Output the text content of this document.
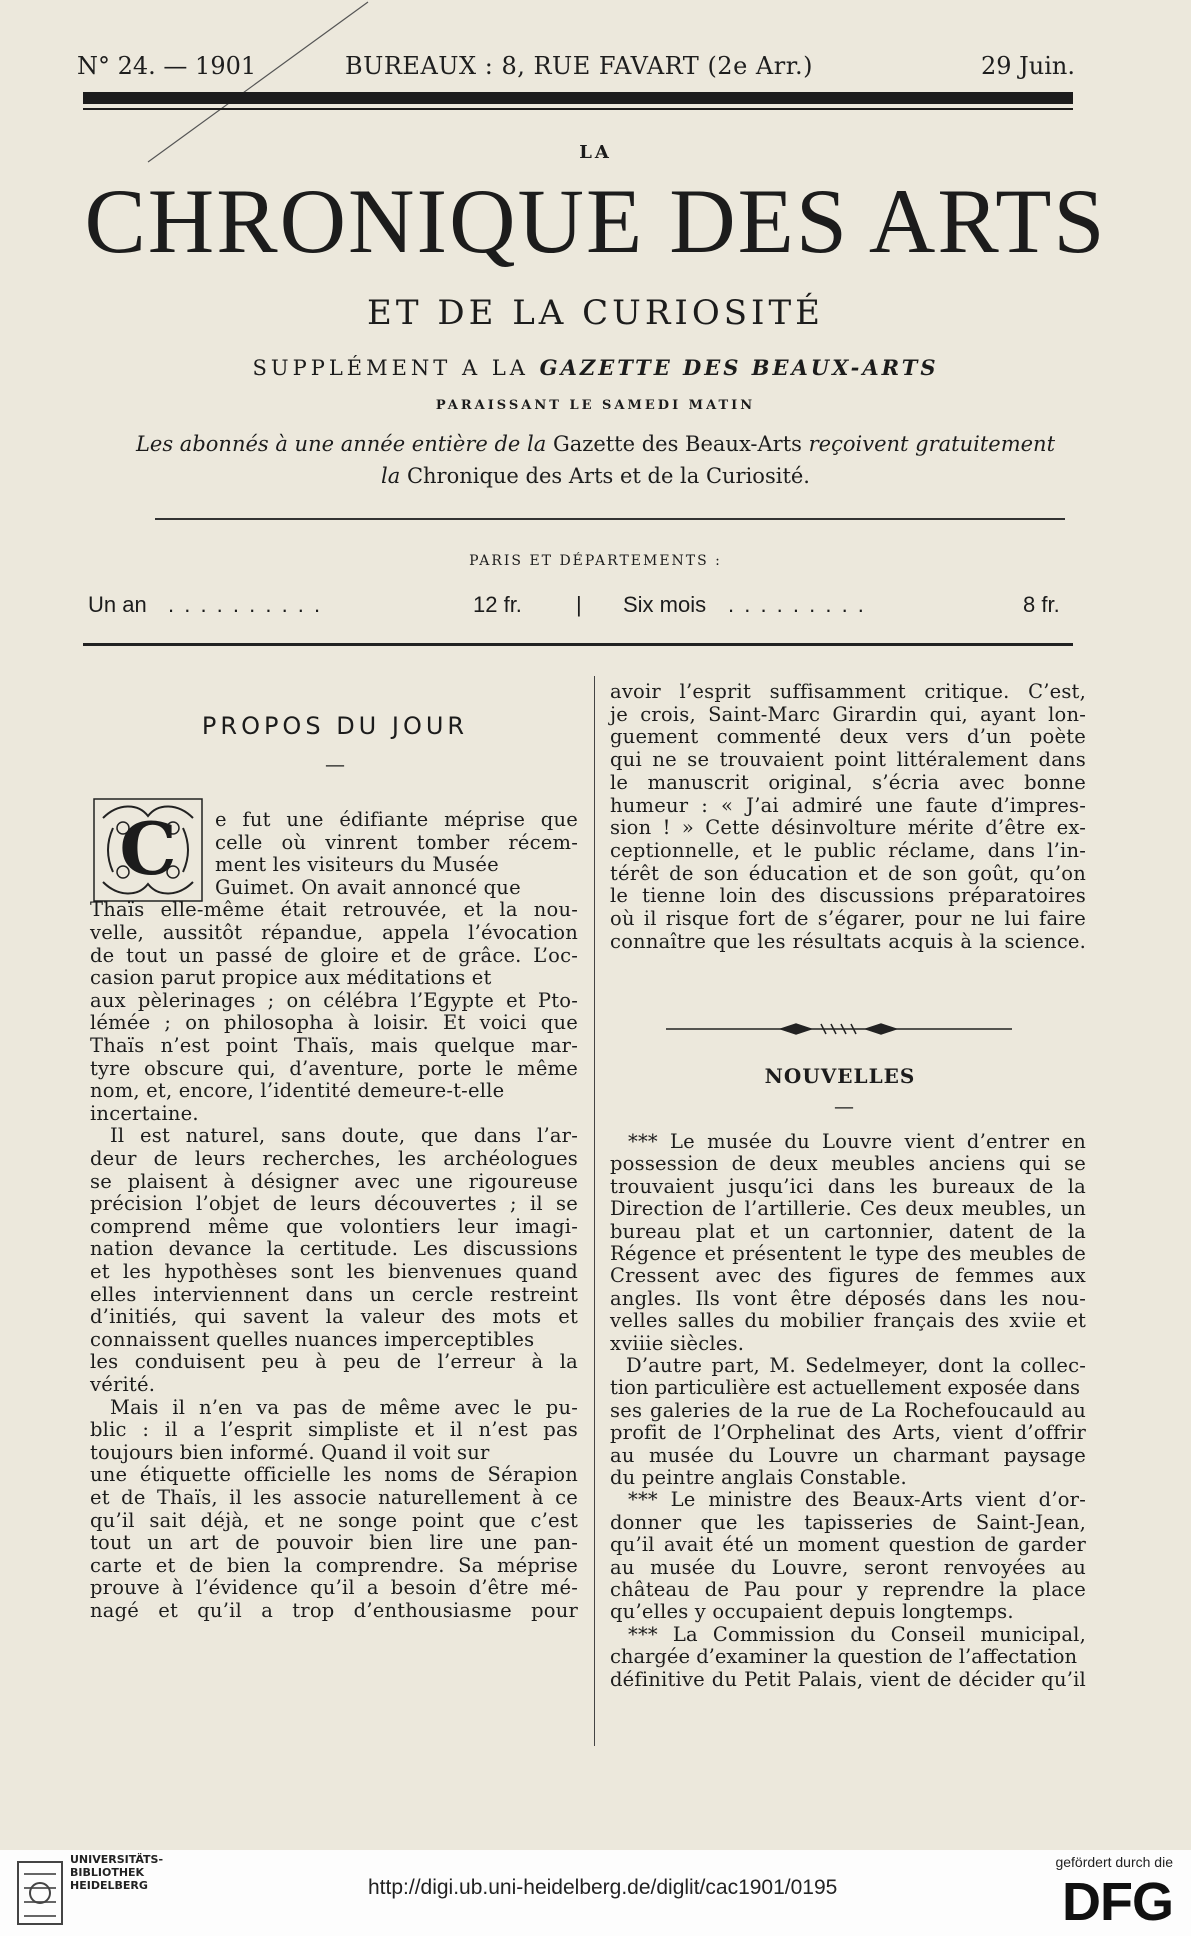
N° 24. — 1901	BUREAUX : 8, RUE FAVART (2e Arr.)	29 Juin.
LA
CHRONIQUE DES ARTS
ET DE LA CURIOSITÉ
SUPPLÉMENT A LA GAZETTE DES BEAUX-ARTS
PARAISSANT LE SAMEDI MATIN
Les abonnés à une année entière de la Gazette des Beaux-Arts reçoivent gratuitement
la Chronique des Arts et de la Curiosité.
PARIS ET DÉPARTEMENTS :
Un an . . . . . . . . . .	12 fr. | Six mois . . . . . . . . .	8 fr.
PROPOS DU JOUR
—
C e fut une édifiante méprise que
celle où vinrent tomber récem-
ment les visiteurs du Musée
Guimet. On avait annoncé que
Thaïs elle-même était retrouvée, et la nou-
velle, aussitôt répandue, appela l’évocation
de tout un passé de gloire et de grâce. L’oc-
casion parut propice aux méditations et
aux pèlerinages ; on célébra l’Egypte et Pto-
lémée ; on philosopha à loisir. Et voici que
Thaïs n’est point Thaïs, mais quelque mar-
tyre obscure qui, d’aventure, porte le même
nom, et, encore, l’identité demeure-t-elle
incertaine.
Il est naturel, sans doute, que dans l’ar-
deur de leurs recherches, les archéologues
se plaisent à désigner avec une rigoureuse
précision l’objet de leurs découvertes ; il se
comprend même que volontiers leur imagi-
nation devance la certitude. Les discussions
et les hypothèses sont les bienvenues quand
elles interviennent dans un cercle restreint
d’initiés, qui savent la valeur des mots et
connaissent quelles nuances imperceptibles
les conduisent peu à peu de l’erreur à la
vérité.
Mais il n’en va pas de même avec le pu-
blic : il a l’esprit simpliste et il n’est pas
toujours bien informé. Quand il voit sur
une étiquette officielle les noms de Sérapion
et de Thaïs, il les associe naturellement à ce
qu’il sait déjà, et ne songe point que c’est
tout un art de pouvoir bien lire une pan-
carte et de bien la comprendre. Sa méprise
prouve à l’évidence qu’il a besoin d’être mé-
nagé et qu’il a trop d’enthousiasme pour
avoir l’esprit suffisamment critique. C’est,
je crois, Saint-Marc Girardin qui, ayant lon-
guement commenté deux vers d’un poète
qui ne se trouvaient point littéralement dans
le manuscrit original, s’écria avec bonne
humeur : « J’ai admiré une faute d’impres-
sion ! » Cette désinvolture mérite d’être ex-
ceptionnelle, et le public réclame, dans l’in-
térêt de son éducation et de son goût, qu’on
le tienne loin des discussions préparatoires
où il risque fort de s’égarer, pour ne lui faire
connaître que les résultats acquis à la science.
NOUVELLES
—
*** Le musée du Louvre vient d’entrer en
possession de deux meubles anciens qui se
trouvaient jusqu’ici dans les bureaux de la
Direction de l’artillerie. Ces deux meubles, un
bureau plat et un cartonnier, datent de la
Régence et présentent le type des meubles de
Cressent avec des figures de femmes aux
angles. Ils vont être déposés dans les nou-
velles salles du mobilier français des xviie et
xviiie siècles.
D’autre part, M. Sedelmeyer, dont la collec-
tion particulière est actuellement exposée dans
ses galeries de la rue de La Rochefoucauld au
profit de l’Orphelinat des Arts, vient d’offrir
au musée du Louvre un charmant paysage
du peintre anglais Constable.
*** Le ministre des Beaux-Arts vient d’or-
donner que les tapisseries de Saint-Jean,
qu’il avait été un moment question de garder
au musée du Louvre, seront renvoyées au
château de Pau pour y reprendre la place
qu’elles y occupaient depuis longtemps.
*** La Commission du Conseil municipal,
chargée d’examiner la question de l’affectation
définitive du Petit Palais, vient de décider qu’il
UNIVERSITÄTS-
BIBLIOTHEK
HEIDELBERG	http://digi.ub.uni-heidelberg.de/diglit/cac1901/0195
gefördert durch die
DFG
